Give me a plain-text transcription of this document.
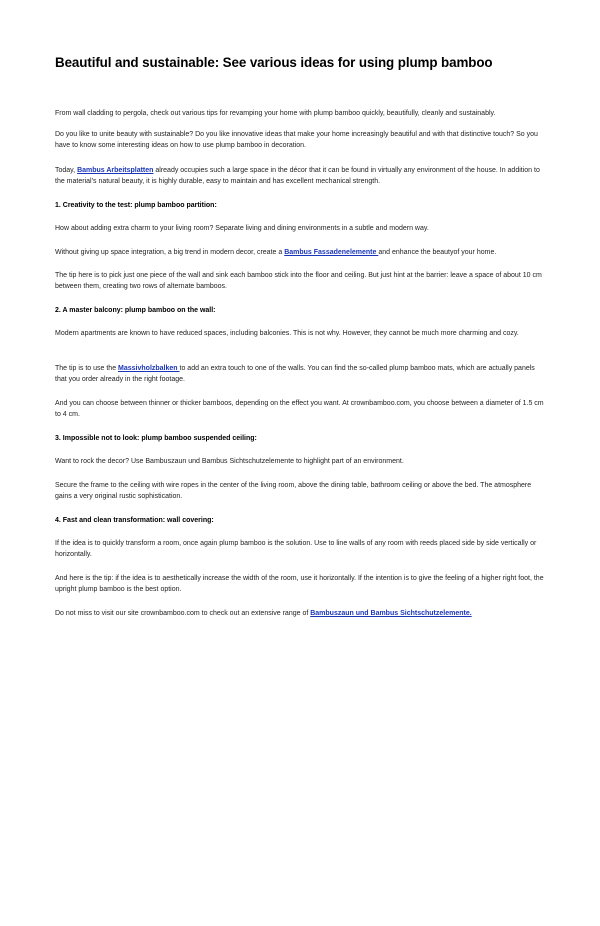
Beautiful and sustainable: See various ideas for using plump bamboo

From wall cladding to pergola, check out various tips for revamping your home with plump bamboo quickly, beautifully, cleanly and sustainably.

Do you like to unite beauty with sustainable? Do you like innovative ideas that make your home increasingly beautiful and with that distinctive touch? So you have to know some interesting ideas on how to use plump bamboo in decoration.

Today, Bambus Arbeitsplatten already occupies such a large space in the décor that it can be found in virtually any environment of the house. In addition to the material’s natural beauty, it is highly durable, easy to maintain and has excellent mechanical strength.

1. Creativity to the test: plump bamboo partition:

How about adding extra charm to your living room? Separate living and dining environments in a subtle and modern way.

Without giving up space integration, a big trend in modern decor, create a Bambus Fassadenelemente and enhance the beautyof your home.

The tip here is to pick just one piece of the wall and sink each bamboo stick into the floor and ceiling. But just hint at the barrier: leave a space of about 10 cm between them, creating two rows of alternate bamboos.

2. A master balcony: plump bamboo on the wall:

Modern apartments are known to have reduced spaces, including balconies. This is not why. However, they cannot be much more charming and cozy.

The tip is to use the Massivholzbalken to add an extra touch to one of the walls. You can find the so-called plump bamboo mats, which are actually panels that you order already in the right footage.

And you can choose between thinner or thicker bamboos, depending on the effect you want. At crownbamboo.com, you choose between a diameter of 1.5 cm to 4 cm.

3. Impossible not to look: plump bamboo suspended ceiling:

Want to rock the decor? Use Bambuszaun und Bambus Sichtschutzelemente to highlight part of an environment.

Secure the frame to the ceiling with wire ropes in the center of the living room, above the dining table, bathroom ceiling or above the bed. The atmosphere gains a very original rustic sophistication.

4. Fast and clean transformation: wall covering:

If the idea is to quickly transform a room, once again plump bamboo is the solution. Use to line walls of any room with reeds placed side by side vertically or horizontally.

And here is the tip: if the idea is to aesthetically increase the width of the room, use it horizontally. If the intention is to give the feeling of a higher right foot, the upright plump bamboo is the best option.

Do not miss to visit our site crownbamboo.com to check out an extensive range of Bambuszaun und Bambus Sichtschutzelemente.
